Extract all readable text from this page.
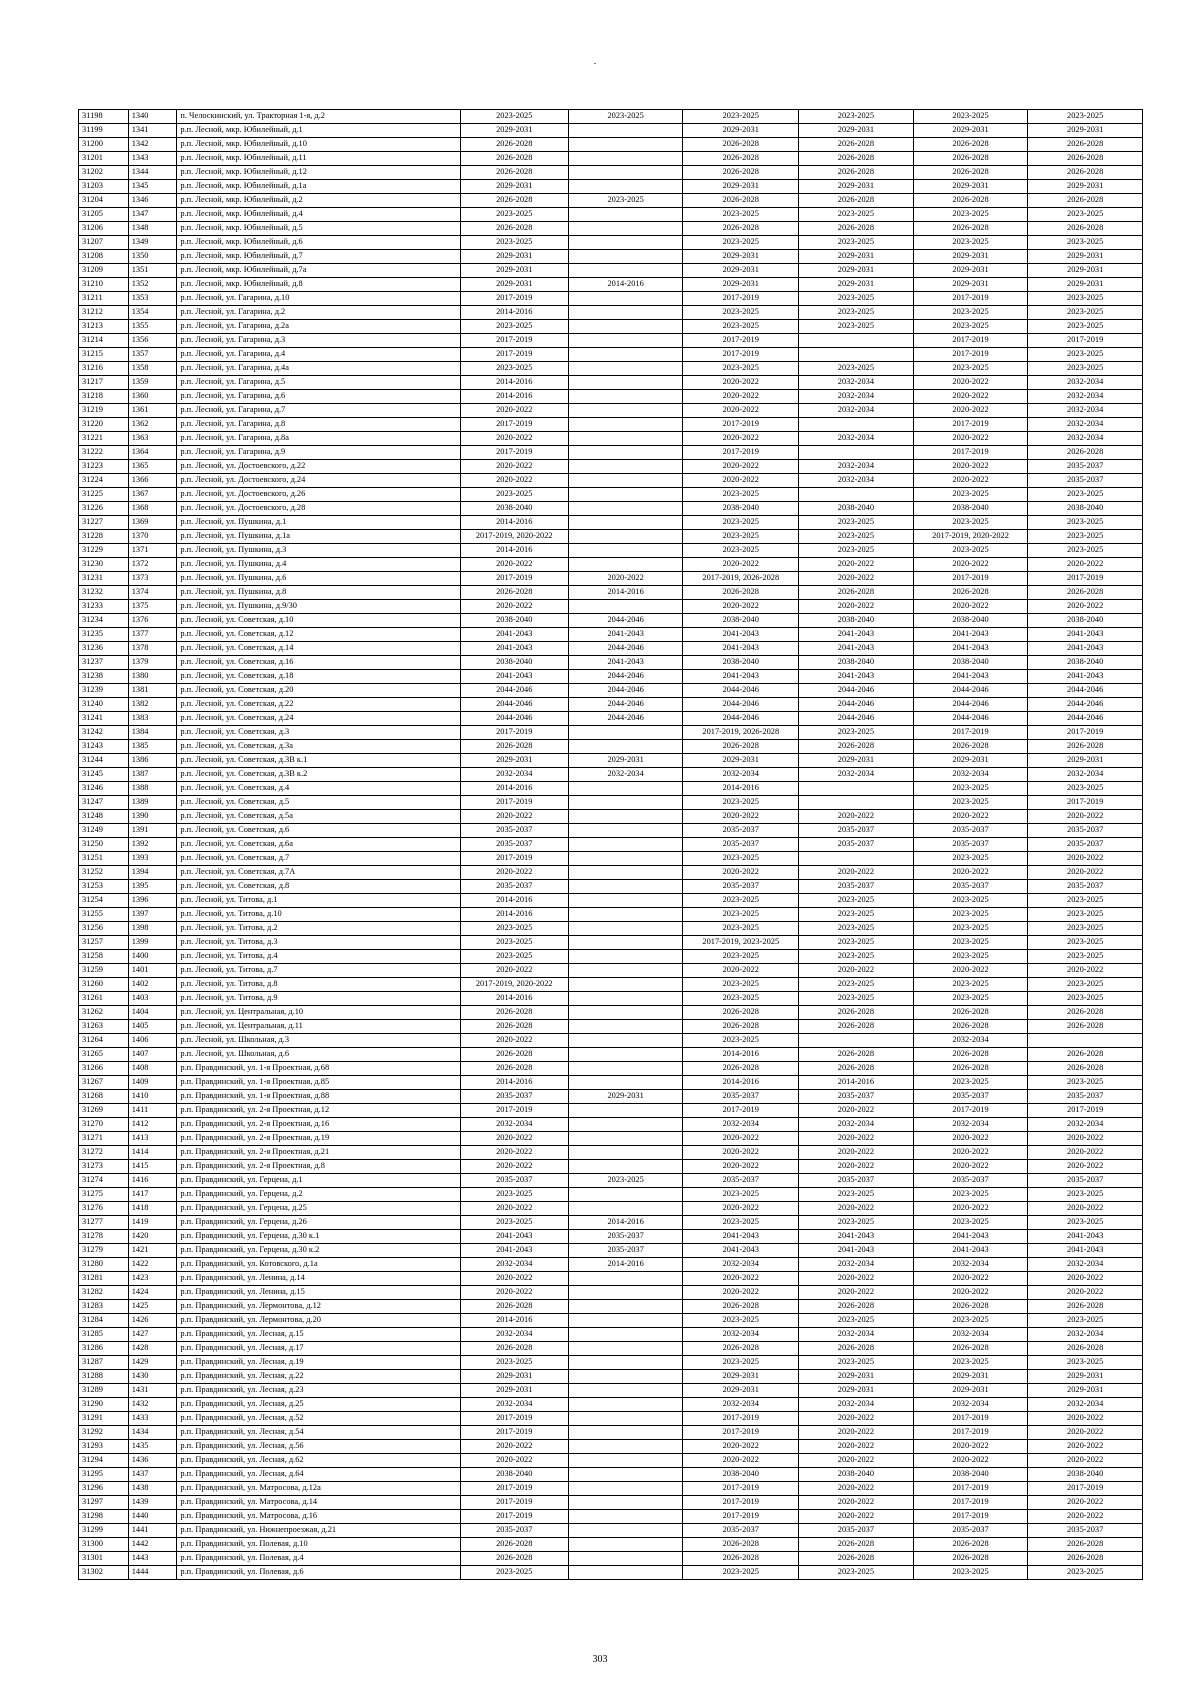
31198	1340	п. Челоскинский, ул. Тракторная 1-я, д.2	2023-2025	2023-2025	2023-2025	2023-2025	2023-2025	2023-2025
31199	1341	р.п. Лесной, мкр. Юбилейный, д.1	2029-2031		2029-2031	2029-2031	2029-2031	2029-2031
31200	1342	р.п. Лесной, мкр. Юбилейный, д.10	2026-2028		2026-2028	2026-2028	2026-2028	2026-2028
31201	1343	р.п. Лесной, мкр. Юбилейный, д.11	2026-2028		2026-2028	2026-2028	2026-2028	2026-2028
31202	1344	р.п. Лесной, мкр. Юбилейный, д.12	2026-2028		2026-2028	2026-2028	2026-2028	2026-2028
31203	1345	р.п. Лесной, мкр. Юбилейный, д.1а	2029-2031		2029-2031	2029-2031	2029-2031	2029-2031
31204	1346	р.п. Лесной, мкр. Юбилейный, д.2	2026-2028	2023-2025	2026-2028	2026-2028	2026-2028	2026-2028
31205	1347	р.п. Лесной, мкр. Юбилейный, д.4	2023-2025		2023-2025	2023-2025	2023-2025	2023-2025
31206	1348	р.п. Лесной, мкр. Юбилейный, д.5	2026-2028		2026-2028	2026-2028	2026-2028	2026-2028
31207	1349	р.п. Лесной, мкр. Юбилейный, д.6	2023-2025		2023-2025	2023-2025	2023-2025	2023-2025
31208	1350	р.п. Лесной, мкр. Юбилейный, д.7	2029-2031		2029-2031	2029-2031	2029-2031	2029-2031
31209	1351	р.п. Лесной, мкр. Юбилейный, д.7а	2029-2031		2029-2031	2029-2031	2029-2031	2029-2031
31210	1352	р.п. Лесной, мкр. Юбилейный, д.8	2029-2031	2014-2016	2029-2031	2029-2031	2029-2031	2029-2031
31211	1353	р.п. Лесной, ул. Гагарина, д.10	2017-2019		2017-2019	2023-2025	2017-2019	2023-2025
31212	1354	р.п. Лесной, ул. Гагарина, д.2	2014-2016		2023-2025	2023-2025	2023-2025	2023-2025
31213	1355	р.п. Лесной, ул. Гагарина, д.2а	2023-2025		2023-2025	2023-2025	2023-2025	2023-2025
31214	1356	р.п. Лесной, ул. Гагарина, д.3	2017-2019		2017-2019		2017-2019	2017-2019
31215	1357	р.п. Лесной, ул. Гагарина, д.4	2017-2019		2017-2019		2017-2019	2023-2025
31216	1358	р.п. Лесной, ул. Гагарина, д.4а	2023-2025		2023-2025	2023-2025	2023-2025	2023-2025
31217	1359	р.п. Лесной, ул. Гагарина, д.5	2014-2016		2020-2022	2032-2034	2020-2022	2032-2034
31218	1360	р.п. Лесной, ул. Гагарина, д.6	2014-2016		2020-2022	2032-2034	2020-2022	2032-2034
31219	1361	р.п. Лесной, ул. Гагарина, д.7	2020-2022		2020-2022	2032-2034	2020-2022	2032-2034
31220	1362	р.п. Лесной, ул. Гагарина, д.8	2017-2019		2017-2019		2017-2019	2032-2034
31221	1363	р.п. Лесной, ул. Гагарина, д.8а	2020-2022		2020-2022	2032-2034	2020-2022	2032-2034
31222	1364	р.п. Лесной, ул. Гагарина, д.9	2017-2019		2017-2019		2017-2019	2026-2028
31223	1365	р.п. Лесной, ул. Достоевского, д.22	2020-2022		2020-2022	2032-2034	2020-2022	2035-2037
31224	1366	р.п. Лесной, ул. Достоевского, д.24	2020-2022		2020-2022	2032-2034	2020-2022	2035-2037
31225	1367	р.п. Лесной, ул. Достоевского, д.26	2023-2025		2023-2025		2023-2025	2023-2025
31226	1368	р.п. Лесной, ул. Достоевского, д.28	2038-2040		2038-2040	2038-2040	2038-2040	2038-2040
31227	1369	р.п. Лесной, ул. Пушкина, д.1	2014-2016		2023-2025	2023-2025	2023-2025	2023-2025
31228	1370	р.п. Лесной, ул. Пушкина, д.1а	2017-2019, 2020-2022		2023-2025	2023-2025	2017-2019, 2020-2022	2023-2025
31229	1371	р.п. Лесной, ул. Пушкина, д.3	2014-2016		2023-2025	2023-2025	2023-2025	2023-2025
31230	1372	р.п. Лесной, ул. Пушкина, д.4	2020-2022		2020-2022	2020-2022	2020-2022	2020-2022
31231	1373	р.п. Лесной, ул. Пушкина, д.6	2017-2019	2020-2022	2017-2019, 2026-2028	2020-2022	2017-2019	2017-2019
31232	1374	р.п. Лесной, ул. Пушкина, д.8	2026-2028	2014-2016	2026-2028	2026-2028	2026-2028	2026-2028
31233	1375	р.п. Лесной, ул. Пушкина, д.9/30	2020-2022		2020-2022	2020-2022	2020-2022	2020-2022
31234	1376	р.п. Лесной, ул. Советская, д.10	2038-2040	2044-2046	2038-2040	2038-2040	2038-2040	2038-2040
31235	1377	р.п. Лесной, ул. Советская, д.12	2041-2043	2041-2043	2041-2043	2041-2043	2041-2043	2041-2043
31236	1378	р.п. Лесной, ул. Советская, д.14	2041-2043	2044-2046	2041-2043	2041-2043	2041-2043	2041-2043
31237	1379	р.п. Лесной, ул. Советская, д.16	2038-2040	2041-2043	2038-2040	2038-2040	2038-2040	2038-2040
31238	1380	р.п. Лесной, ул. Советская, д.18	2041-2043	2044-2046	2041-2043	2041-2043	2041-2043	2041-2043
31239	1381	р.п. Лесной, ул. Советская, д.20	2044-2046	2044-2046	2044-2046	2044-2046	2044-2046	2044-2046
31240	1382	р.п. Лесной, ул. Советская, д.22	2044-2046	2044-2046	2044-2046	2044-2046	2044-2046	2044-2046
31241	1383	р.п. Лесной, ул. Советская, д.24	2044-2046	2044-2046	2044-2046	2044-2046	2044-2046	2044-2046
31242	1384	р.п. Лесной, ул. Советская, д.3	2017-2019		2017-2019, 2026-2028	2023-2025	2017-2019	2017-2019
31243	1385	р.п. Лесной, ул. Советская, д.3а	2026-2028		2026-2028	2026-2028	2026-2028	2026-2028
31244	1386	р.п. Лесной, ул. Советская, д.3В к.1	2029-2031	2029-2031	2029-2031	2029-2031	2029-2031	2029-2031
31245	1387	р.п. Лесной, ул. Советская, д.3В к.2	2032-2034	2032-2034	2032-2034	2032-2034	2032-2034	2032-2034
31246	1388	р.п. Лесной, ул. Советская, д.4	2014-2016		2014-2016		2023-2025	2023-2025
31247	1389	р.п. Лесной, ул. Советская, д.5	2017-2019		2023-2025		2023-2025	2017-2019
31248	1390	р.п. Лесной, ул. Советская, д.5а	2020-2022		2020-2022	2020-2022	2020-2022	2020-2022
31249	1391	р.п. Лесной, ул. Советская, д.6	2035-2037		2035-2037	2035-2037	2035-2037	2035-2037
31250	1392	р.п. Лесной, ул. Советская, д.6а	2035-2037		2035-2037	2035-2037	2035-2037	2035-2037
31251	1393	р.п. Лесной, ул. Советская, д.7	2017-2019		2023-2025		2023-2025	2020-2022
31252	1394	р.п. Лесной, ул. Советская, д.7А	2020-2022		2020-2022	2020-2022	2020-2022	2020-2022
31253	1395	р.п. Лесной, ул. Советская, д.8	2035-2037		2035-2037	2035-2037	2035-2037	2035-2037
31254	1396	р.п. Лесной, ул. Титова, д.1	2014-2016		2023-2025	2023-2025	2023-2025	2023-2025
31255	1397	р.п. Лесной, ул. Титова, д.10	2014-2016		2023-2025	2023-2025	2023-2025	2023-2025
31256	1398	р.п. Лесной, ул. Титова, д.2	2023-2025		2023-2025	2023-2025	2023-2025	2023-2025
31257	1399	р.п. Лесной, ул. Титова, д.3	2023-2025		2017-2019, 2023-2025	2023-2025	2023-2025	2023-2025
31258	1400	р.п. Лесной, ул. Титова, д.4	2023-2025		2023-2025	2023-2025	2023-2025	2023-2025
31259	1401	р.п. Лесной, ул. Титова, д.7	2020-2022		2020-2022	2020-2022	2020-2022	2020-2022
31260	1402	р.п. Лесной, ул. Титова, д.8	2017-2019, 2020-2022		2023-2025	2023-2025	2023-2025	2023-2025
31261	1403	р.п. Лесной, ул. Титова, д.9	2014-2016		2023-2025	2023-2025	2023-2025	2023-2025
31262	1404	р.п. Лесной, ул. Центральная, д.10	2026-2028		2026-2028	2026-2028	2026-2028	2026-2028
31263	1405	р.п. Лесной, ул. Центральная, д.11	2026-2028		2026-2028	2026-2028	2026-2028	2026-2028
31264	1406	р.п. Лесной, ул. Школьная, д.3	2020-2022		2023-2025		2032-2034	
31265	1407	р.п. Лесной, ул. Школьная, д.6	2026-2028		2014-2016	2026-2028	2026-2028	2026-2028
31266	1408	р.п. Правдинский, ул. 1-я Проектная, д.68	2026-2028		2026-2028	2026-2028	2026-2028	2026-2028
31267	1409	р.п. Правдинский, ул. 1-я Проектная, д.85	2014-2016		2014-2016	2014-2016	2023-2025	2023-2025
31268	1410	р.п. Правдинский, ул. 1-я Проектная, д.88	2035-2037	2029-2031	2035-2037	2035-2037	2035-2037	2035-2037
31269	1411	р.п. Правдинский, ул. 2-я Проектная, д.12	2017-2019		2017-2019	2020-2022	2017-2019	2017-2019
31270	1412	р.п. Правдинский, ул. 2-я Проектная, д.16	2032-2034		2032-2034	2032-2034	2032-2034	2032-2034
31271	1413	р.п. Правдинский, ул. 2-я Проектная, д.19	2020-2022		2020-2022	2020-2022	2020-2022	2020-2022
31272	1414	р.п. Правдинский, ул. 2-я Проектная, д.21	2020-2022		2020-2022	2020-2022	2020-2022	2020-2022
31273	1415	р.п. Правдинский, ул. 2-я Проектная, д.8	2020-2022		2020-2022	2020-2022	2020-2022	2020-2022
31274	1416	р.п. Правдинский, ул. Герцена, д.1	2035-2037	2023-2025	2035-2037	2035-2037	2035-2037	2035-2037
31275	1417	р.п. Правдинский, ул. Герцена, д.2	2023-2025		2023-2025	2023-2025	2023-2025	2023-2025
31276	1418	р.п. Правдинский, ул. Герцена, д.25	2020-2022		2020-2022	2020-2022	2020-2022	2020-2022
31277	1419	р.п. Правдинский, ул. Герцена, д.26	2023-2025	2014-2016	2023-2025	2023-2025	2023-2025	2023-2025
31278	1420	р.п. Правдинский, ул. Герцена, д.30 к.1	2041-2043	2035-2037	2041-2043	2041-2043	2041-2043	2041-2043
31279	1421	р.п. Правдинский, ул. Герцена, д.30 к.2	2041-2043	2035-2037	2041-2043	2041-2043	2041-2043	2041-2043
31280	1422	р.п. Правдинский, ул. Котовского, д.1а	2032-2034	2014-2016	2032-2034	2032-2034	2032-2034	2032-2034
31281	1423	р.п. Правдинский, ул. Ленина, д.14	2020-2022		2020-2022	2020-2022	2020-2022	2020-2022
31282	1424	р.п. Правдинский, ул. Ленина, д.15	2020-2022		2020-2022	2020-2022	2020-2022	2020-2022
31283	1425	р.п. Правдинский, ул. Лермонтова, д.12	2026-2028		2026-2028	2026-2028	2026-2028	2026-2028
31284	1426	р.п. Правдинский, ул. Лермонтова, д.20	2014-2016		2023-2025	2023-2025	2023-2025	2023-2025
31285	1427	р.п. Правдинский, ул. Лесная, д.15	2032-2034		2032-2034	2032-2034	2032-2034	2032-2034
31286	1428	р.п. Правдинский, ул. Лесная, д.17	2026-2028		2026-2028	2026-2028	2026-2028	2026-2028
31287	1429	р.п. Правдинский, ул. Лесная, д.19	2023-2025		2023-2025	2023-2025	2023-2025	2023-2025
31288	1430	р.п. Правдинский, ул. Лесная, д.22	2029-2031		2029-2031	2029-2031	2029-2031	2029-2031
31289	1431	р.п. Правдинский, ул. Лесная, д.23	2029-2031		2029-2031	2029-2031	2029-2031	2029-2031
31290	1432	р.п. Правдинский, ул. Лесная, д.25	2032-2034		2032-2034	2032-2034	2032-2034	2032-2034
31291	1433	р.п. Правдинский, ул. Лесная, д.52	2017-2019		2017-2019	2020-2022	2017-2019	2020-2022
31292	1434	р.п. Правдинский, ул. Лесная, д.54	2017-2019		2017-2019	2020-2022	2017-2019	2020-2022
31293	1435	р.п. Правдинский, ул. Лесная, д.56	2020-2022		2020-2022	2020-2022	2020-2022	2020-2022
31294	1436	р.п. Правдинский, ул. Лесная, д.62	2020-2022		2020-2022	2020-2022	2020-2022	2020-2022
31295	1437	р.п. Правдинский, ул. Лесная, д.64	2038-2040		2038-2040	2038-2040	2038-2040	2038-2040
31296	1438	р.п. Правдинский, ул. Матросова, д.12а	2017-2019		2017-2019	2020-2022	2017-2019	2017-2019
31297	1439	р.п. Правдинский, ул. Матросова, д.14	2017-2019		2017-2019	2020-2022	2017-2019	2020-2022
31298	1440	р.п. Правдинский, ул. Матросова, д.16	2017-2019		2017-2019	2020-2022	2017-2019	2020-2022
31299	1441	р.п. Правдинский, ул. Нижнепроезжая, д.21	2035-2037		2035-2037	2035-2037	2035-2037	2035-2037
31300	1442	р.п. Правдинский, ул. Полевая, д.10	2026-2028		2026-2028	2026-2028	2026-2028	2026-2028
31301	1443	р.п. Правдинский, ул. Полевая, д.4	2026-2028		2026-2028	2026-2028	2026-2028	2026-2028
31302	1444	р.п. Правдинский, ул. Полевая, д.6	2023-2025		2023-2025	2023-2025	2023-2025	2023-2025
303
